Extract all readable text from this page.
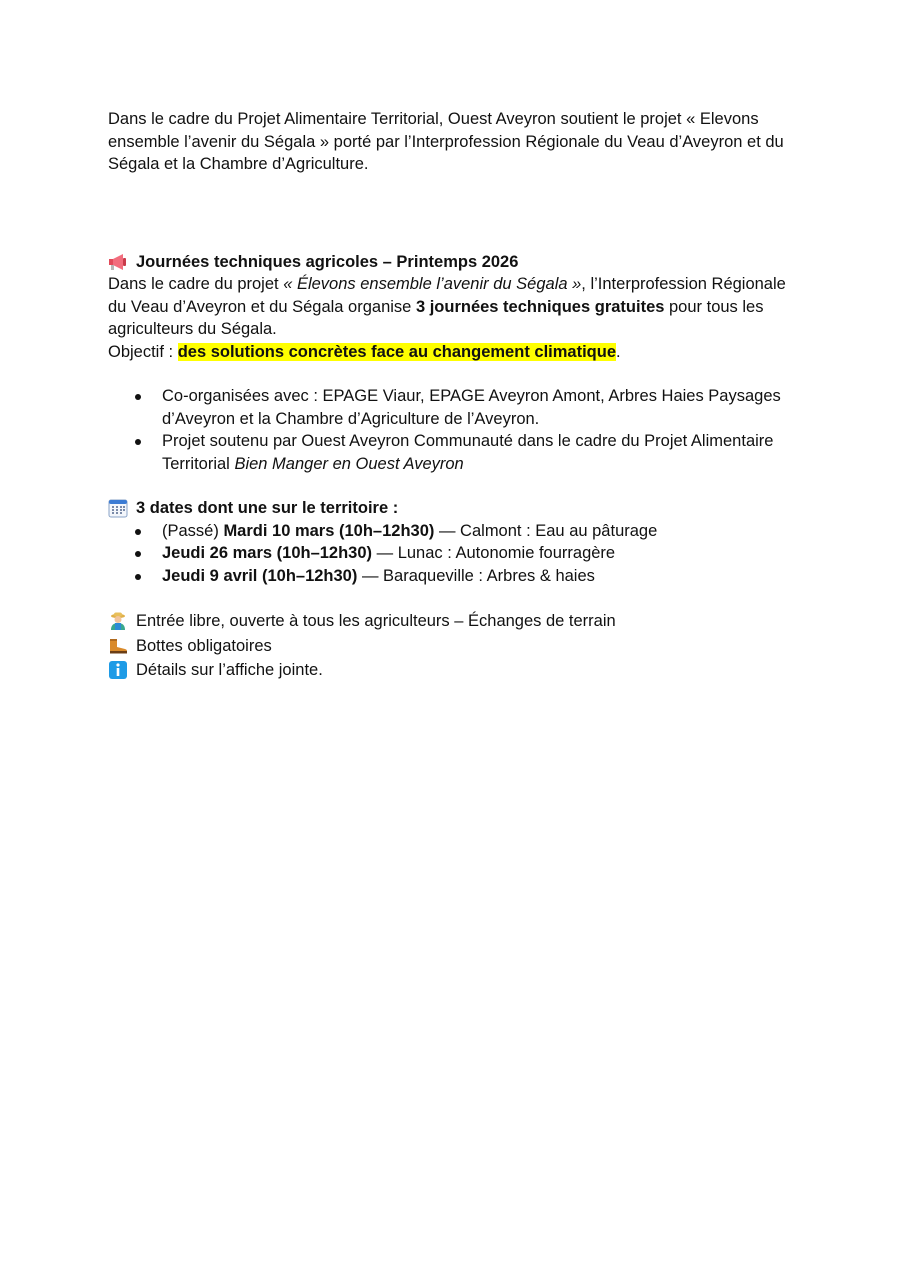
Dans le cadre du Projet Alimentaire Territorial, Ouest Aveyron soutient le projet « Elevons ensemble l’avenir du Ségala » porté par l’Interprofession Régionale du Veau d’Aveyron et du Ségala et la Chambre d’Agriculture.

Journées techniques agricoles – Printemps 2026

Dans le cadre du projet « Élevons ensemble l’avenir du Ségala », l’Interprofession Régionale du Veau d’Aveyron et du Ségala organise 3 journées techniques gratuites pour tous les agriculteurs du Ségala.

Objectif : des solutions concrètes face au changement climatique.

Co-organisées avec : EPAGE Viaur, EPAGE Aveyron Amont, Arbres Haies Paysages d’Aveyron et la Chambre d’Agriculture de l’Aveyron.
Projet soutenu par Ouest Aveyron Communauté dans le cadre du Projet Alimentaire Territorial Bien Manger en Ouest Aveyron
3 dates dont une sur le territoire :
(Passé) Mardi 10 mars (10h–12h30) — Calmont : Eau au pâturage
Jeudi 26 mars (10h–12h30) — Lunac : Autonomie fourragère
Jeudi 9 avril (10h–12h30) — Baraqueville : Arbres & haies
Entrée libre, ouverte à tous les agriculteurs – Échanges de terrain
Bottes obligatoires
Détails sur l’affiche jointe.
